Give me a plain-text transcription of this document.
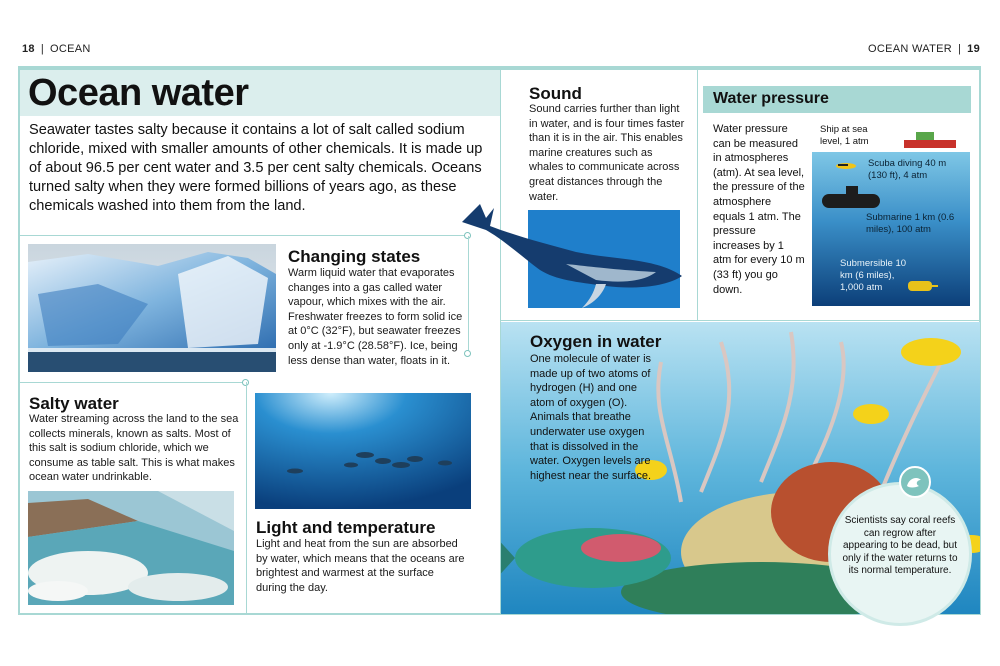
18 | OCEAN	OCEAN WATER | 19
Ocean water
Seawater tastes salty because it contains a lot of salt called sodium chloride, mixed with smaller amounts of other chemicals. It is made up of about 96.5 per cent water and 3.5 per cent salty chemicals. Oceans turned salty when they were formed billions of years ago, as these chemicals washed into them from the land.
Changing states
Warm liquid water that evaporates changes into a gas called water vapour, which mixes with the air. Freshwater freezes to form solid ice at 0°C (32°F), but seawater freezes only at -1.9°C (28.58°F). Ice, being less dense than water, floats in it.
Salty water
Water streaming across the land to the sea collects minerals, known as salts. Most of this salt is sodium chloride, which we consume as table salt. This is what makes ocean water undrinkable.
Light and temperature
Light and heat from the sun are absorbed by water, which means that the oceans are brightest and warmest at the surface during the day.
Sound
Sound carries further than light in water, and is four times faster than it is in the air. This enables marine creatures such as whales to communicate across great distances through the water.
Water pressure
Water pressure can be measured in atmospheres (atm). At sea level, the pressure of the atmosphere equals 1 atm. The pressure increases by 1 atm for every 10 m (33 ft) you go down.
Ship at sea level, 1 atm
Scuba diving 40 m (130 ft), 4 atm
Submarine 1 km (0.6 miles), 100 atm
Submersible 10 km (6 miles), 1,000 atm
Oxygen in water
One molecule of water is made up of two atoms of hydrogen (H) and one atom of oxygen (O). Animals that breathe underwater use oxygen that is dissolved in the water. Oxygen levels are highest near the surface.
Scientists say coral reefs can regrow after appearing to be dead, but only if the water returns to its normal temperature.
